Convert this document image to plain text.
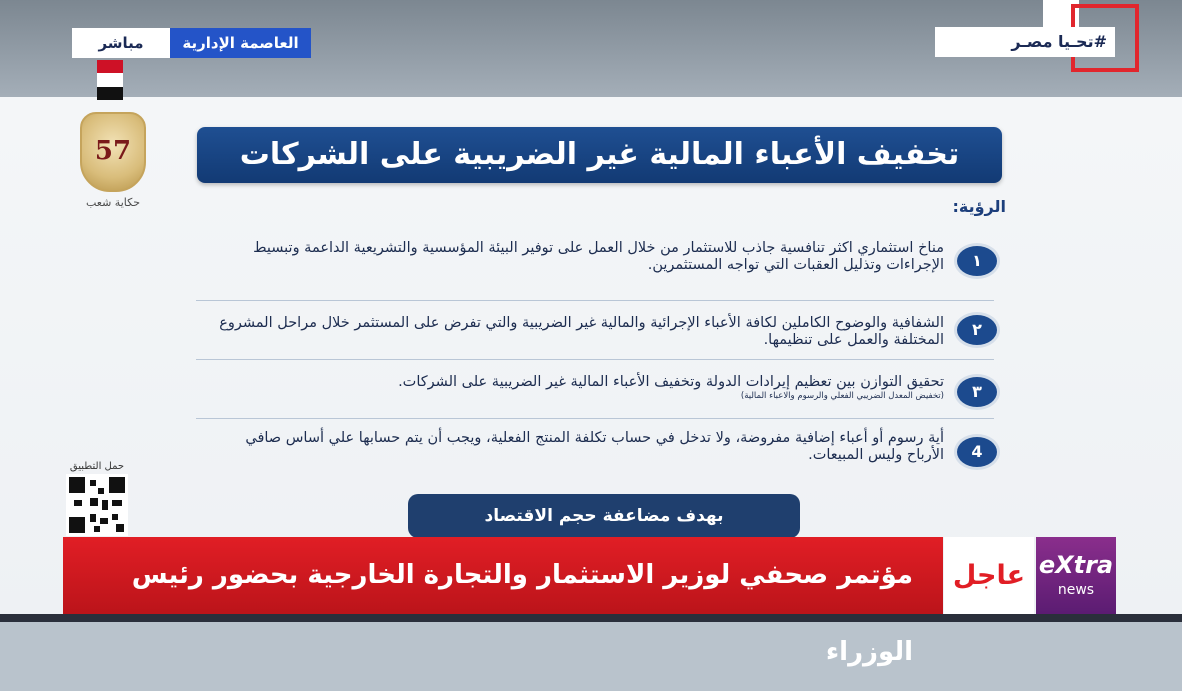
#تحـيا مصـر
مباشر	العاصمة الإدارية
57
حكاية شعب
تخفيف الأعباء المالية غير الضريبية على الشركات
الرؤية:
١
مناخ استثماري اكثر تنافسية جاذب للاستثمار من خلال العمل على توفير البيئة المؤسسية والتشريعية الداعمة وتبسيط الإجراءات وتذليل العقبات التي تواجه المستثمرين.
٢
الشفافية والوضوح الكاملين لكافة الأعباء الإجرائية والمالية غير الضريبية والتي تفرض على المستثمر خلال مراحل المشروع المختلفة والعمل على تنظيمها.
٣
تحقيق التوازن بين تعظيم إيرادات الدولة وتخفيف الأعباء المالية غير الضريبية على الشركات.
(تخفيض المعدل الضريبي الفعلي والرسوم والاعباء المالية)
4
أية رسوم أو أعباء إضافية مفروضة، ولا تدخل في حساب تكلفة المنتج الفعلية، ويجب أن يتم حسابها علي أساس صافي الأرباح وليس المبيعات.
بهدف مضاعفة حجم الاقتصاد
حمل التطبيق
مؤتمر صحفي لوزير الاستثمار والتجارة الخارجية بحضور رئيس الوزراء
عاجل eXtra
news
